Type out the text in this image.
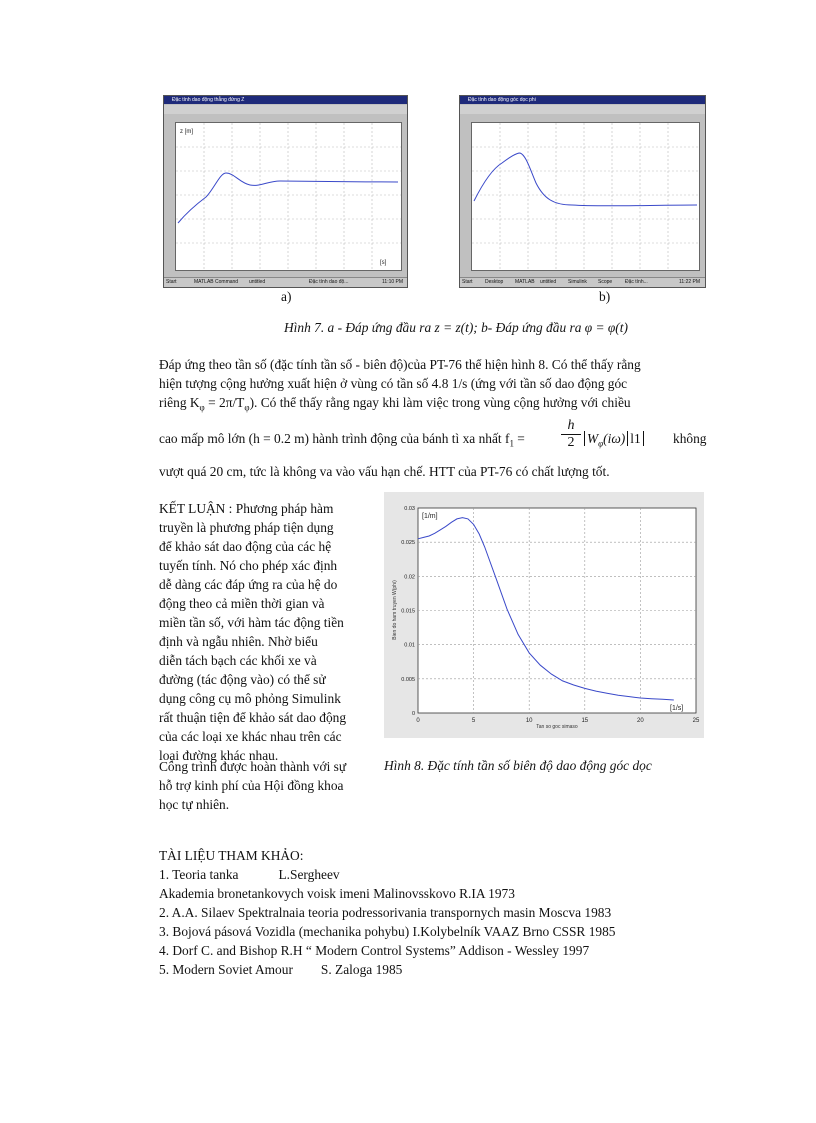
Đặc tính dao động thẳng đứng Z
z [m]
[s]
Start	MATLAB Command untitled	Đặc tính dao độ...	11:10 PM
a)
Đặc tính dao động góc dọc phi
Start Desktop MATLAB untitled Simulink Scope	Đặc tính...	11:22 PM
b)
Hình 7. a - Đáp ứng đầu ra z = z(t); b- Đáp ứng đầu ra φ = φ(t)
Đáp ứng theo tần số (đặc tính tần số - biên độ)của PT-76 thể hiện hình 8. Có thể thấy rằng
hiện tượng cộng hưởng xuất hiện ở vùng có tần số 4.8 1/s (ứng với tần số dao động góc
riêng $K_\varphi = 2\pi/T_\varphi$). Có thể thấy rằng ngay khi làm việc trong vùng cộng hưởng với chiều
cao mấp mô lớn (h = 0.2 m) hành trình động của bánh tì xa nhất $f_1$ =
h
2 $W_\varphi(i\omega)$ l1 không
vượt quá 20 cm, tức là không va vào vấu hạn chế. HTT của PT-76 có chất lượng tốt.
KẾT LUẬN : Phương pháp hàm
truyền là phương pháp tiện dụng
để khảo sát dao động của các hệ
tuyến tính. Nó cho phép xác định
dễ dàng các đáp ứng ra của hệ do
động theo cả miền thời gian và
miền tần số, với hàm tác động tiền
định và ngẫu nhiên. Nhờ biểu
diễn tách bạch các khối xe và
đường (tác động vào) có thể sử
dụng công cụ mô phỏng Simulink
rất thuận tiện để khảo sát dao động
của các loại xe khác nhau trên các
loại đường khác nhau.
Công trình được hoàn thành với sự
hỗ trợ kinh phí của Hội đồng khoa
học tự nhiên.
0	5	10	15	20	25
0
0.005
0.01
0.015
0.02
0.025
0.03
[1/m]
[1/s]
Tan so goc simaso
Bien do ham truyen W(phi)
Hình 8. Đặc tính tần số biên độ dao động góc dọc
TÀI LIỆU THAM KHẢO:
1. Teoria tanka	L.Sergheev
Akademia bronetankovych voisk imeni Malinovsskovo R.IA 1973
2. A.A. Silaev Spektralnaia teoria podressorivania transpornych masin Moscva 1983
3. Bojová pásová Vozidla (mechanika pohybu) I.Kolybelník VAAZ Brno CSSR 1985
4. Dorf C. and Bishop R.H “ Modern Control Systems” Addison - Wessley 1997
5. Modern Soviet Amour S. Zaloga 1985
